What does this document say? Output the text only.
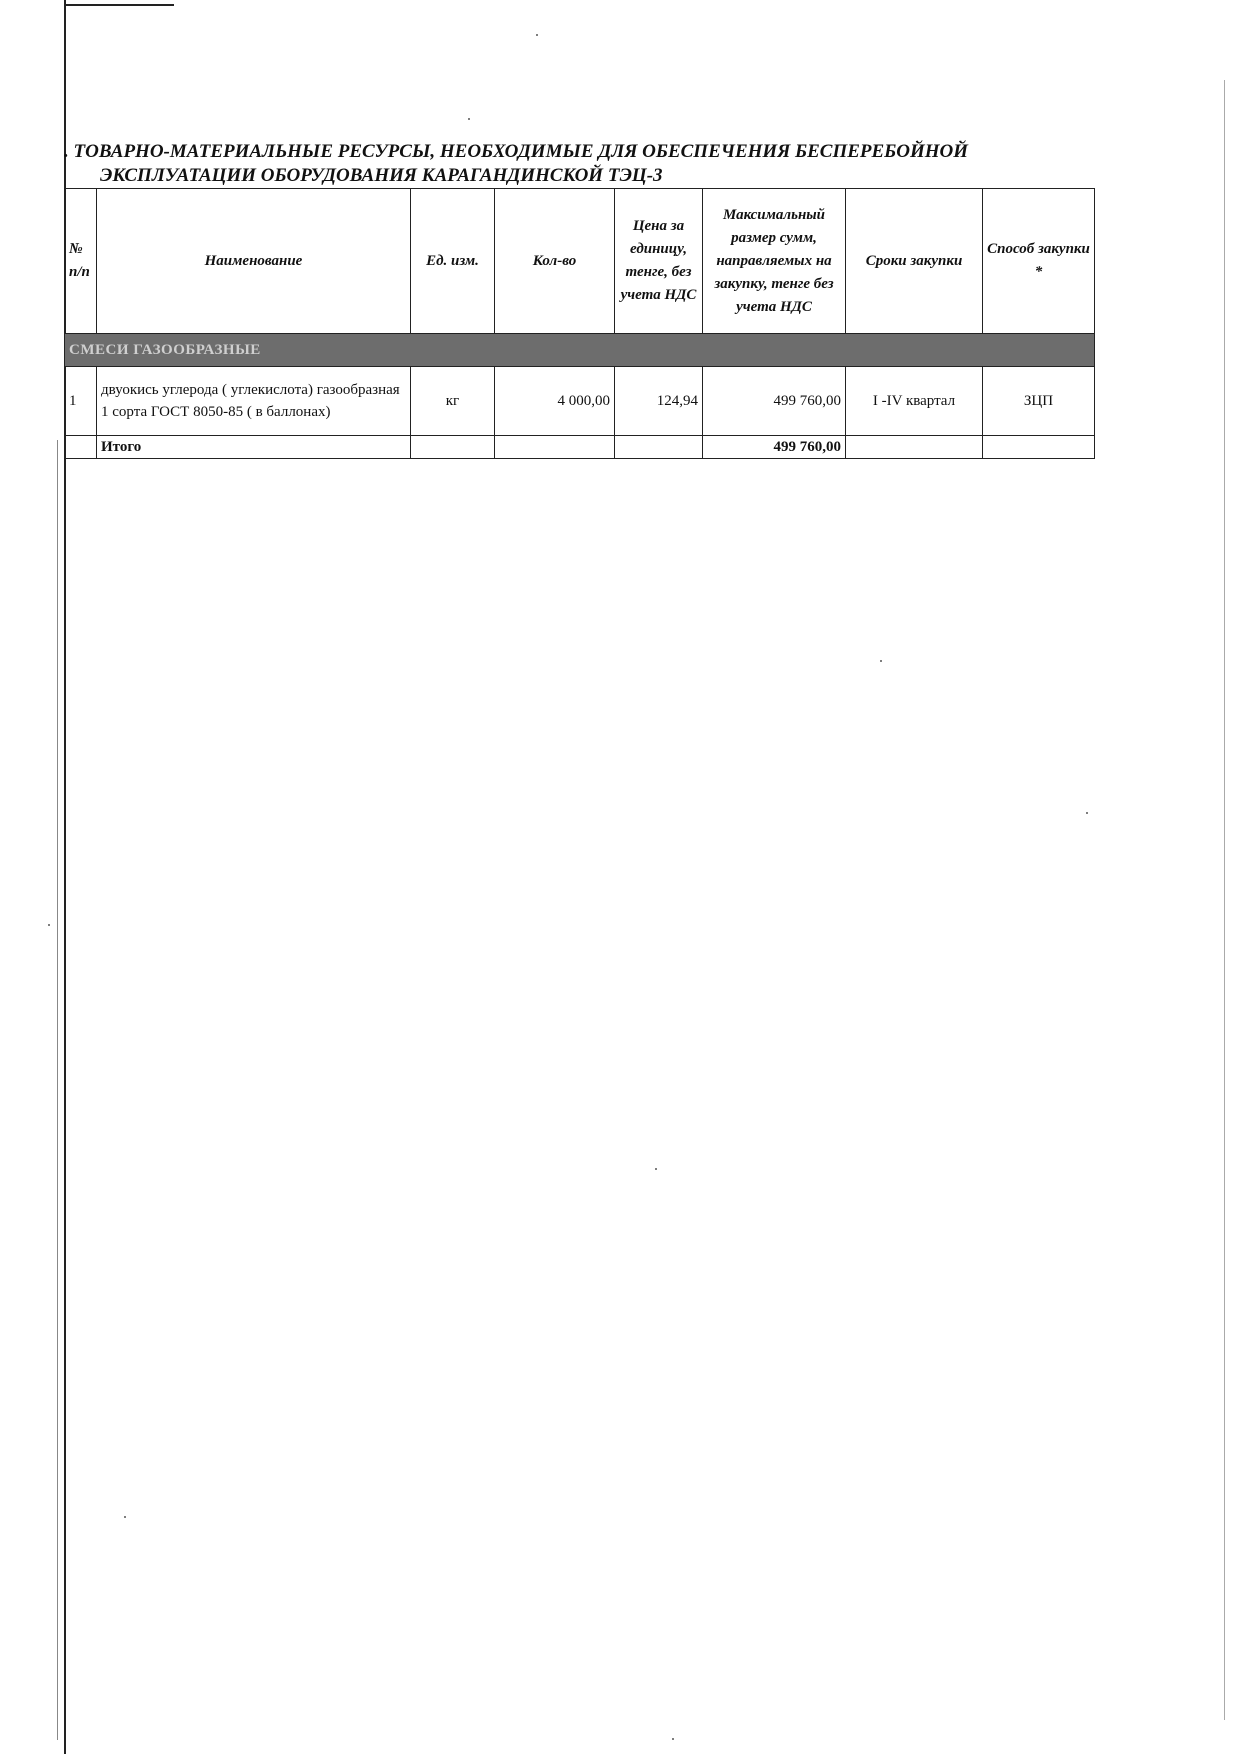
. ТОВАРНО-МАТЕРИАЛЬНЫЕ РЕСУРСЫ, НЕОБХОДИМЫЕ ДЛЯ ОБЕСПЕЧЕНИЯ БЕСПЕРЕБОЙНОЙ
ЭКСПЛУАТАЦИИ ОБОРУДОВАНИЯ КАРАГАНДИНСКОЙ ТЭЦ-3
№ п/п	Наименование	Ед. изм.	Кол-во	Цена за единицу, тенге, без учета НДС	Максимальный размер сумм, направляемых на закупку, тенге без учета НДС	Сроки закупки	Способ закупки *
СМЕСИ ГАЗООБРАЗНЫЕ							
1	двуокись углерода ( углекислота) газообразная 1 сорта ГОСТ 8050-85 ( в баллонах)	кг	4 000,00	124,94	499 760,00	I -IV квартал	ЗЦП
	Итого				499 760,00		
